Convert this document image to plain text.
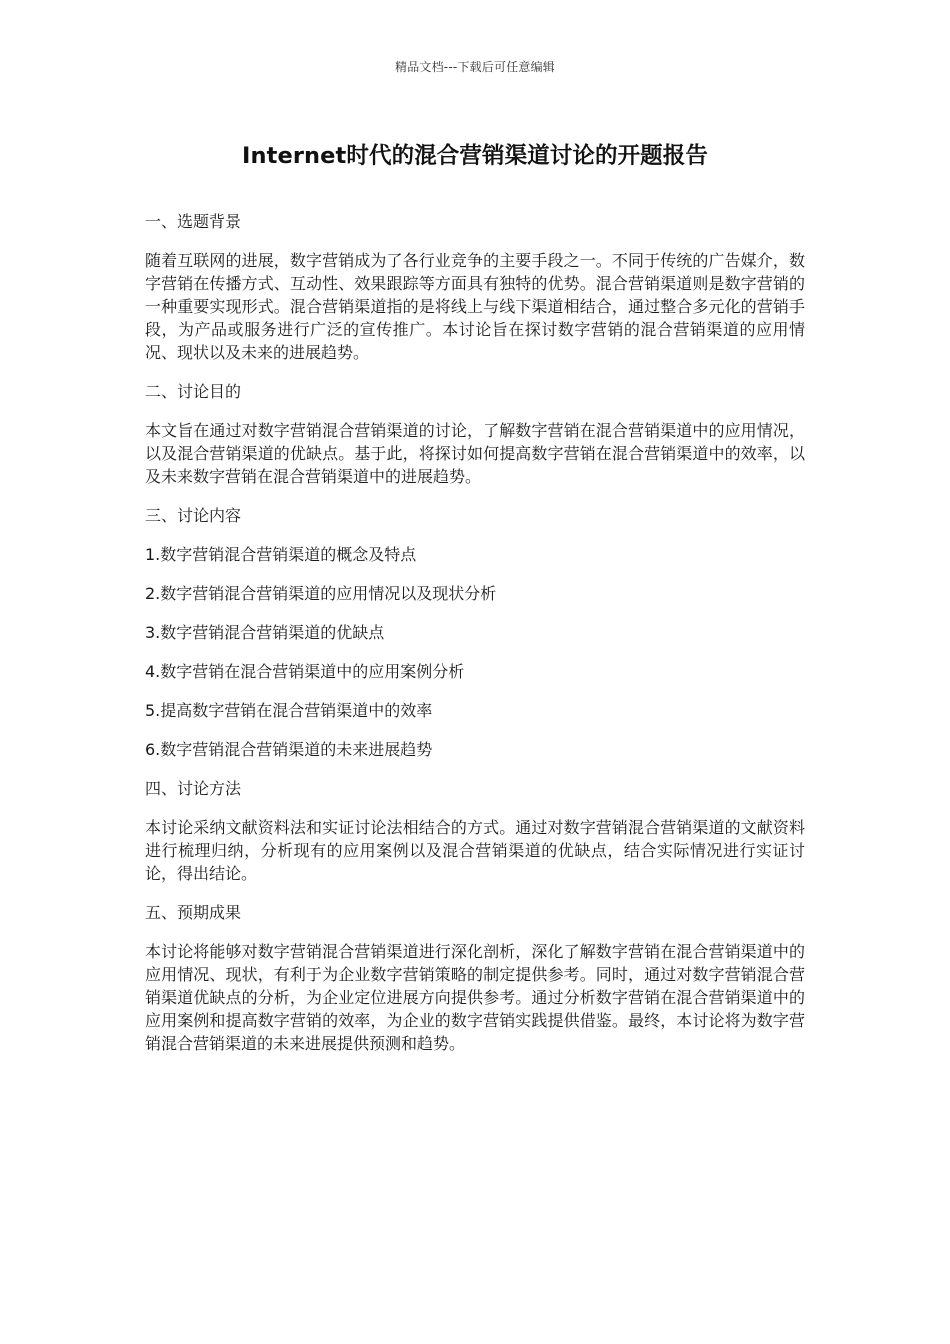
精品文档---下载后可任意编辑
Internet时代的混合营销渠道讨论的开题报告

一、选题背景

随着互联网的进展，数字营销成为了各行业竞争的主要手段之一。不同于传统的广告媒介，数字营销在传播方式、互动性、效果跟踪等方面具有独特的优势。混合营销渠道则是数字营销的一种重要实现形式。混合营销渠道指的是将线上与线下渠道相结合，通过整合多元化的营销手段，为产品或服务进行广泛的宣传推广。本讨论旨在探讨数字营销的混合营销渠道的应用情况、现状以及未来的进展趋势。

二、讨论目的

本文旨在通过对数字营销混合营销渠道的讨论，了解数字营销在混合营销渠道中的应用情况，以及混合营销渠道的优缺点。基于此，将探讨如何提高数字营销在混合营销渠道中的效率，以及未来数字营销在混合营销渠道中的进展趋势。

三、讨论内容

1.数字营销混合营销渠道的概念及特点

2.数字营销混合营销渠道的应用情况以及现状分析

3.数字营销混合营销渠道的优缺点

4.数字营销在混合营销渠道中的应用案例分析

5.提高数字营销在混合营销渠道中的效率

6.数字营销混合营销渠道的未来进展趋势

四、讨论方法

本讨论采纳文献资料法和实证讨论法相结合的方式。通过对数字营销混合营销渠道的文献资料进行梳理归纳，分析现有的应用案例以及混合营销渠道的优缺点，结合实际情况进行实证讨论，得出结论。

五、预期成果

本讨论将能够对数字营销混合营销渠道进行深化剖析，深化了解数字营销在混合营销渠道中的应用情况、现状，有利于为企业数字营销策略的制定提供参考。同时，通过对数字营销混合营销渠道优缺点的分析，为企业定位进展方向提供参考。通过分析数字营销在混合营销渠道中的应用案例和提高数字营销的效率，为企业的数字营销实践提供借鉴。最终，本讨论将为数字营销混合营销渠道的未来进展提供预测和趋势。
